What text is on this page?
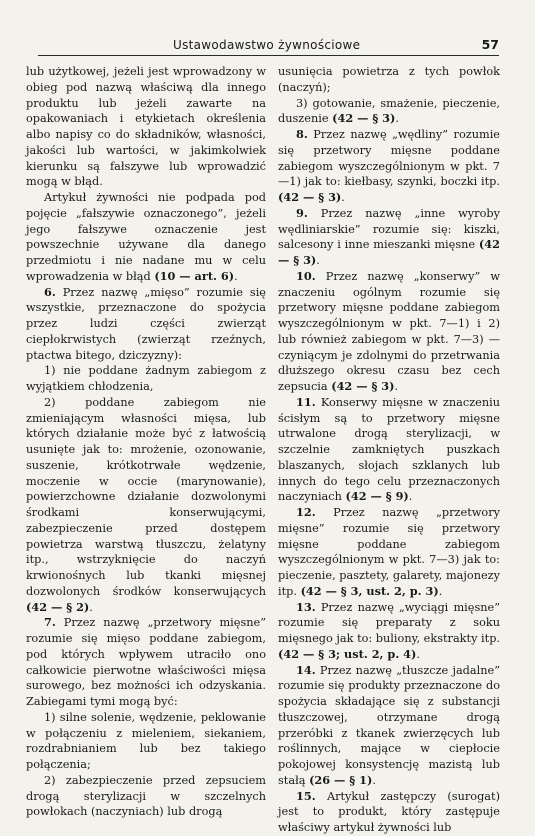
Ustawodawstwo żywnościowe	57

lub użytkowej, jeżeli jest wprowadzony w obieg pod nazwą właściwą dla innego produktu lub jeżeli zawarte na opakowaniach i etykietach określenia albo napisy co do składników, własności, jakości lub wartości, w jakimkolwiek kierunku są fałszywe lub wprowadzić mogą w błąd.

Artykuł żywności nie podpada pod pojęcie „fałszywie oznaczonego”, jeżeli jego fałszywe oznaczenie jest powszechnie używane dla danego przedmiotu i nie nadane mu w celu wprowadzenia w błąd (10 — art. 6).

6. Przez nazwę „mięso” rozumie się wszystkie, przeznaczone do spożycia przez ludzi części zwierząt ciepłokrwistych (zwierząt rzeźnych, ptactwa bitego, dziczyzny):

1) nie poddane żadnym zabiegom z wyjątkiem chłodzenia,

2) poddane zabiegom nie zmieniającym własności mięsa, lub których działanie może być z łatwością usunięte jak to: mrożenie, ozonowanie, suszenie, krótkotrwałe wędzenie, moczenie w occie (marynowanie), powierzchowne działanie dozwolonymi środkami konserwującymi, zabezpieczenie przed dostępem powietrza warstwą tłuszczu, żelatyny itp., wstrzyknięcie do naczyń krwionośnych lub tkanki mięsnej dozwolonych środków konserwujących (42 — § 2).

7. Przez nazwę „przetwory mięsne” rozumie się mięso poddane zabiegom, pod których wpływem utraciło ono całkowicie pierwotne właściwości mięsa surowego, bez możności ich odzyskania. Zabiegami tymi mogą być:

1) silne solenie, wędzenie, peklowanie w połączeniu z mieleniem, siekaniem, rozdrabnianiem lub bez takiego połączenia;

2) zabezpieczenie przed zepsuciem drogą sterylizacji w szczelnych powłokach (naczyniach) lub drogą

usunięcia powietrza z tych powłok (naczyń);

3) gotowanie, smażenie, pieczenie, duszenie (42 — § 3).

8. Przez nazwę „wędliny” rozumie się przetwory mięsne poddane zabiegom wyszczególnionym w pkt. 7—1) jak to: kiełbasy, szynki, boczki itp. (42 — § 3).

9. Przez nazwę „inne wyroby wędliniarskie” rozumie się: kiszki, salcesony i inne mieszanki mięsne (42 — § 3).

10. Przez nazwę „konserwy” w znaczeniu ogólnym rozumie się przetwory mięsne poddane zabiegom wyszczególnionym w pkt. 7—1) i 2) lub również zabiegom w pkt. 7—3) — czyniącym je zdolnymi do przetrwania dłuższego okresu czasu bez cech zepsucia (42 — § 3).

11. Konserwy mięsne w znaczeniu ścisłym są to przetwory mięsne utrwalone drogą sterylizacji, w szczelnie zamkniętych puszkach blaszanych, słojach szklanych lub innych do tego celu przeznaczonych naczyniach (42 — § 9).

12. Przez nazwę „przetwory mięsne” rozumie się przetwory mięsne poddane zabiegom wyszczególnionym w pkt. 7—3) jak to: pieczenie, pasztety, galarety, majonezy itp. (42 — § 3, ust. 2, p. 3).

13. Przez nazwę „wyciągi mięsne” rozumie się preparaty z soku mięsnego jak to: buliony, ekstrakty itp. (42 — § 3; ust. 2, p. 4).

14. Przez nazwę „tłuszcze jadalne” rozumie się produkty przeznaczone do spożycia składające się z substancji tłuszczowej, otrzymane drogą przeróbki z tkanek zwierzęcych lub roślinnych, mające w ciepłocie pokojowej konsystencję mazistą lub stałą (26 — § 1).

15. Artykuł zastępczy (surogat) jest to produkt, który zastępuje właściwy artykuł żywności lub
